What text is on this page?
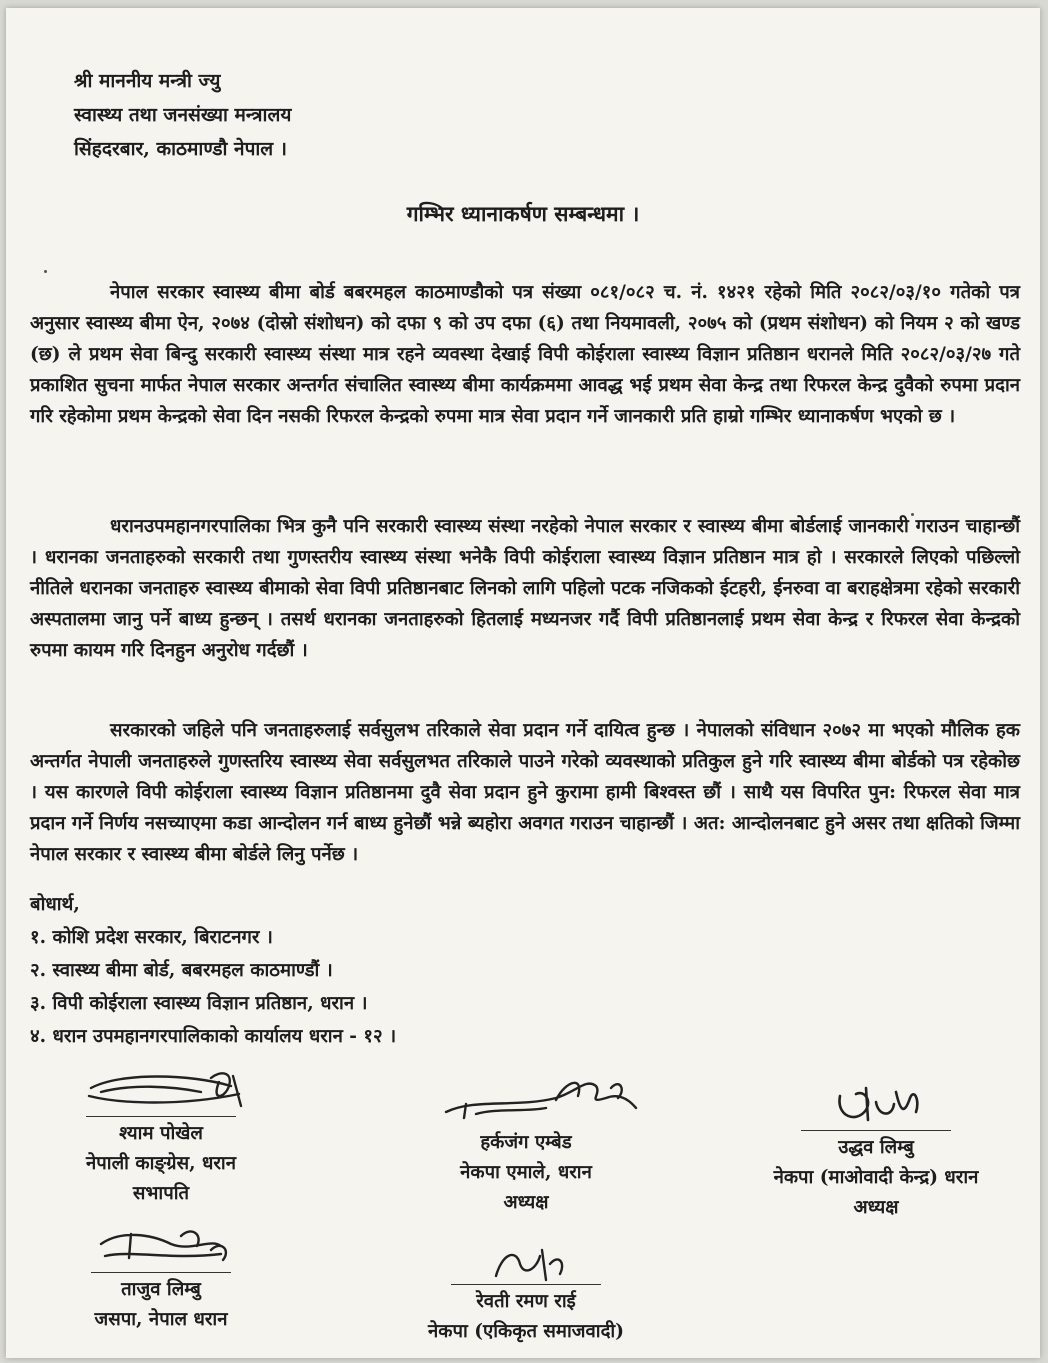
श्री माननीय मन्त्री ज्यु
स्वास्थ्य तथा जनसंख्या मन्त्रालय
सिंहदरबार, काठमाण्डौ नेपाल ।
गम्भिर ध्यानाकर्षण सम्बन्धमा ।

नेपाल सरकार स्वास्थ्य बीमा बोर्ड बबरमहल काठमाण्डौको पत्र संख्या ०८१/०८२ च. नं. १४२१ रहेको मिति २०८२/०३/१० गतेको पत्र अनुसार स्वास्थ्य बीमा ऐन, २०७४ (दोस्रो संशोधन) को दफा ९ को उप दफा (६) तथा नियमावली, २०७५ को (प्रथम संशोधन) को नियम २ को खण्ड (छ) ले प्रथम सेवा बिन्दु सरकारी स्वास्थ्य संस्था मात्र रहने व्यवस्था देखाई विपी कोईराला स्वास्थ्य विज्ञान प्रतिष्ठान धरानले मिति २०८२/०३/२७ गते प्रकाशित सुचना मार्फत नेपाल सरकार अन्तर्गत संचालित स्वास्थ्य बीमा कार्यक्रममा आवद्ध भई प्रथम सेवा केन्द्र तथा रिफरल केन्द्र दुवैको रुपमा प्रदान गरि रहेकोमा प्रथम केन्द्रको सेवा दिन नसकी रिफरल केन्द्रको रुपमा मात्र सेवा प्रदान गर्ने जानकारी प्रति हाम्रो गम्भिर ध्यानाकर्षण भएको छ ।

धरानउपमहानगरपालिका भित्र कुनै पनि सरकारी स्वास्थ्य संस्था नरहेको नेपाल सरकार र स्वास्थ्य बीमा बोर्डलाई जानकारी गराउन चाहान्छौं । धरानका जनताहरुको सरकारी तथा गुणस्तरीय स्वास्थ्य संस्था भनेकै विपी कोईराला स्वास्थ्य विज्ञान प्रतिष्ठान मात्र हो । सरकारले लिएको पछिल्लो नीतिले धरानका जनताहरु स्वास्थ्य बीमाको सेवा विपी प्रतिष्ठानबाट लिनको लागि पहिलो पटक नजिकको ईटहरी, ईनरुवा वा बराहक्षेत्रमा रहेको सरकारी अस्पतालमा जानु पर्ने बाध्य हुन्छन् । तसर्थ धरानका जनताहरुको हितलाई मध्यनजर गर्दै विपी प्रतिष्ठानलाई प्रथम सेवा केन्द्र र रिफरल सेवा केन्द्रको रुपमा कायम गरि दिनहुन अनुरोध गर्दछौं ।

सरकारको जहिले पनि जनताहरुलाई सर्वसुलभ तरिकाले सेवा प्रदान गर्ने दायित्व हुन्छ । नेपालको संविधान २०७२ मा भएको मौलिक हक अन्तर्गत नेपाली जनताहरुले गुणस्तरिय स्वास्थ्य सेवा सर्वसुलभत तरिकाले पाउने गरेको व्यवस्थाको प्रतिकुल हुने गरि स्वास्थ्य बीमा बोर्डको पत्र रहेकोछ । यस कारणले विपी कोईराला स्वास्थ्य विज्ञान प्रतिष्ठानमा दुवै सेवा प्रदान हुने कुरामा हामी बिश्वस्त छौं । साथै यस विपरित पुन: रिफरल सेवा मात्र प्रदान गर्ने निर्णय नसच्याएमा कडा आन्दोलन गर्न बाध्य हुनेछौं भन्ने ब्यहोरा अवगत गराउन चाहान्छौं । अत: आन्दोलनबाट हुने असर तथा क्षतिको जिम्मा नेपाल सरकार र स्वास्थ्य बीमा बोर्डले लिनु पर्नेछ ।

बोधार्थ,
१. कोशि प्रदेश सरकार, बिराटनगर ।
२. स्वास्थ्य बीमा बोर्ड, बबरमहल काठमाण्डौं ।
३. विपी कोईराला स्वास्थ्य विज्ञान प्रतिष्ठान, धरान ।
४. धरान उपमहानगरपालिकाको कार्यालय धरान - १२ ।
श्याम पोखेल
नेपाली काङ्ग्रेस, धरान
सभापति
हर्कजंग एम्बेड
नेकपा एमाले, धरान
अध्यक्ष
उद्धव लिम्बु
नेकपा (माओवादी केन्द्र) धरान
अध्यक्ष
ताजुव लिम्बु
जसपा, नेपाल धरान
रेवती रमण राई
नेकपा (एकिकृत समाजवादी)
